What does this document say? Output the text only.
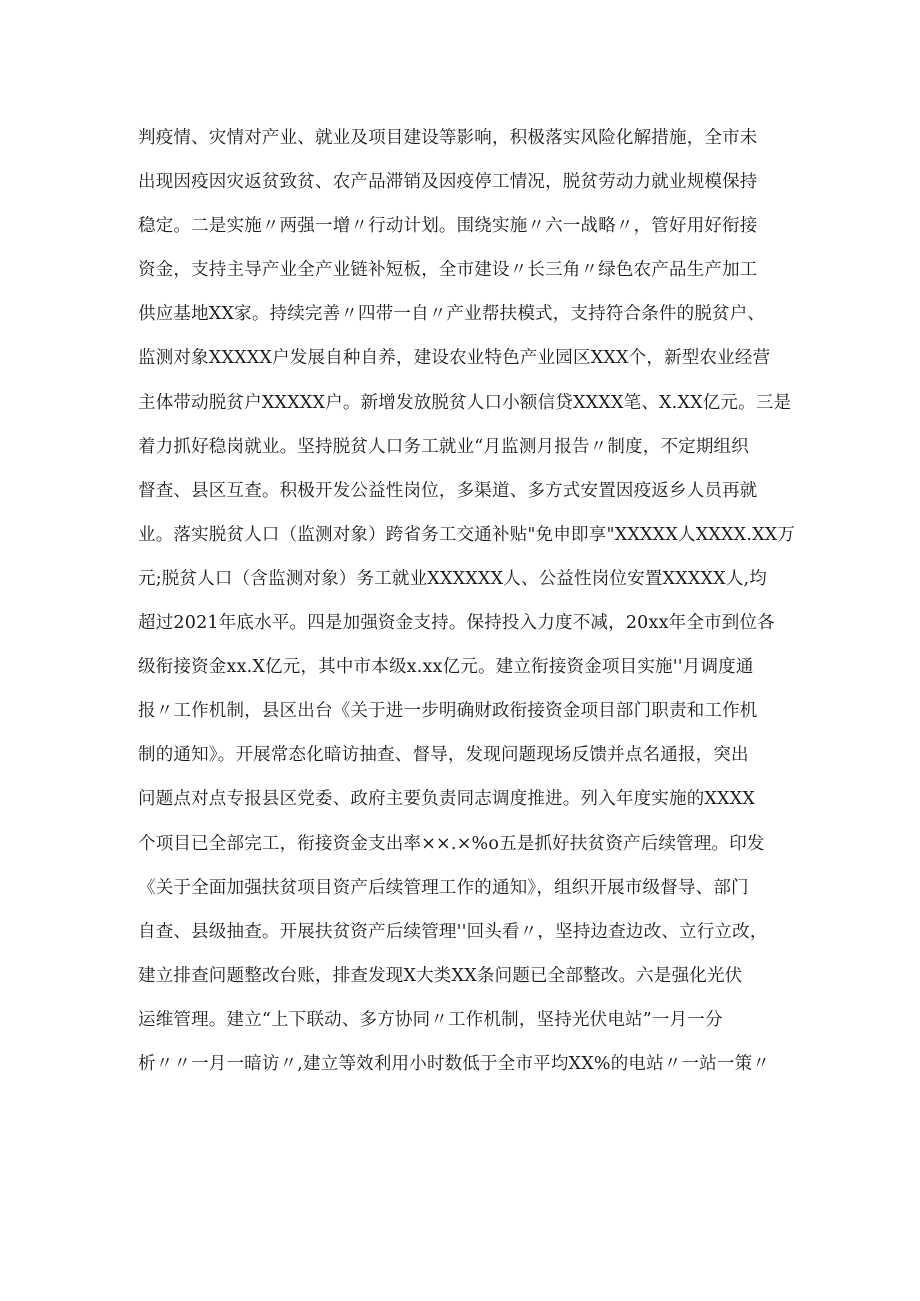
判疫情、灾情对产业、就业及项目建设等影响，积极落实风险化解措施，全市未
出现因疫因灾返贫致贫、农产品滞销及因疫停工情况，脱贫劳动力就业规模保持
稳定。二是实施〃两强一增〃行动计划。围绕实施〃六一战略〃，管好用好衔接
资金，支持主导产业全产业链补短板，全市建设〃长三角〃绿色农产品生产加工
供应基地XX家。持续完善〃四带一自〃产业帮扶模式，支持符合条件的脱贫户、
监测对象XXXXX户发展自种自养，建设农业特色产业园区XXX个，新型农业经营
主体带动脱贫户XXXXX户。新增发放脱贫人口小额信贷XXXX笔、X.XX亿元。三是
着力抓好稳岗就业。坚持脱贫人口务工就业“月监测月报告〃制度，不定期组织
督查、县区互查。积极开发公益性岗位，多渠道、多方式安置因疫返乡人员再就
业。落实脱贫人口（监测对象）跨省务工交通补贴"免申即享"XXXXX人XXXX.XX万
元;脱贫人口（含监测对象）务工就业XXXXXX人、公益性岗位安置XXXXX人,均
超过2021年底水平。四是加强资金支持。保持投入力度不减，20xx年全市到位各
级衔接资金xx.X亿元，其中市本级x.xx亿元。建立衔接资金项目实施''月调度通
报〃工作机制，县区出台《关于进一步明确财政衔接资金项目部门职责和工作机
制的通知》。开展常态化暗访抽查、督导，发现问题现场反馈并点名通报，突出
问题点对点专报县区党委、政府主要负责同志调度推进。列入年度实施的XXXX
个项目已全部完工，衔接资金支出率××.×%o五是抓好扶贫资产后续管理。印发
《关于全面加强扶贫项目资产后续管理工作的通知》，组织开展市级督导、部门
自查、县级抽查。开展扶贫资产后续管理''回头看〃，坚持边查边改、立行立改，
建立排查问题整改台账，排查发现X大类XX条问题已全部整改。六是强化光伏
运维管理。建立“上下联动、多方协同〃工作机制，坚持光伏电站”一月一分
析〃〃一月一暗访〃,建立等效利用小时数低于全市平均XX%的电站〃一站一策〃
